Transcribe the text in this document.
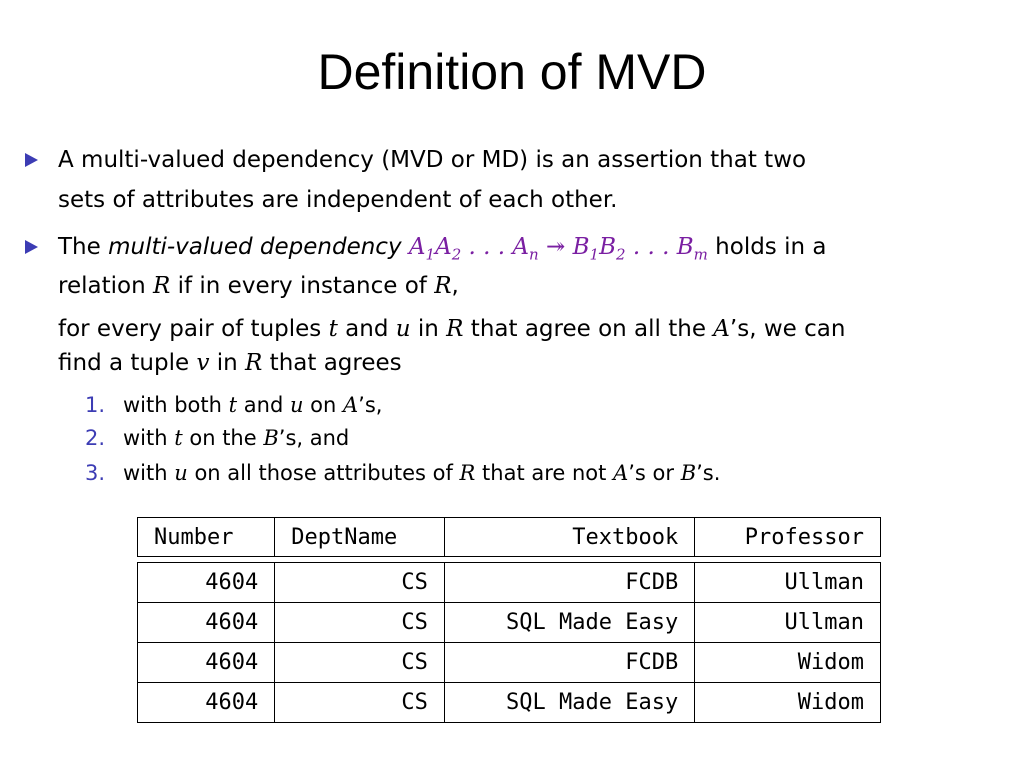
Definition of MVD
A multi-valued dependency (MVD or MD) is an assertion that two
sets of attributes are independent of each other.
The multi-valued dependency $A_1A_2$ . . . $A_n$ ↠ $B_1B_2$ . . . $B_m$ holds in a
relation R if in every instance of R,
for every pair of tuples t and u in R that agree on all the A’s, we can
find a tuple v in R that agrees
1. with both t and u on A’s,
2. with t on the B’s, and
3. with u on all those attributes of R that are not A’s or B’s.
Number	DeptName	Textbook	Professor

4604	CS	FCDB	Ullman
4604	CS	SQL Made Easy	Ullman
4604	CS	FCDB	Widom
4604	CS	SQL Made Easy	Widom
